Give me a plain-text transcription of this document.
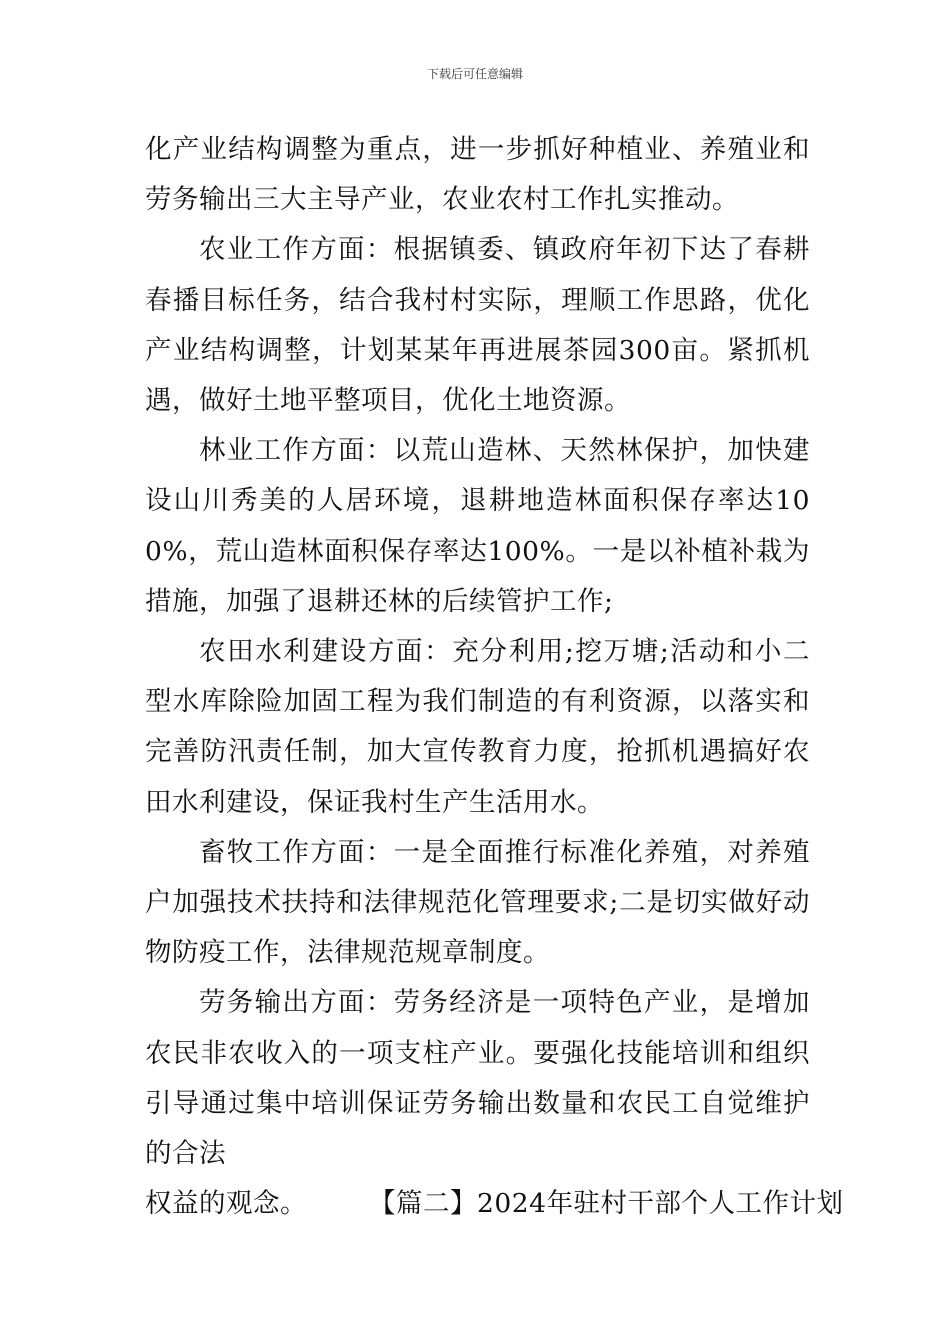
下载后可任意编辑

化产业结构调整为重点，进一步抓好种植业、养殖业和劳务输出三大主导产业，农业农村工作扎实推动。

农业工作方面：根据镇委、镇政府年初下达了春耕春播目标任务，结合我村村实际，理顺工作思路，优化产业结构调整，计划某某年再进展茶园300亩。紧抓机遇，做好土地平整项目，优化土地资源。

林业工作方面：以荒山造林、天然林保护，加快建设山川秀美的人居环境，退耕地造林面积保存率达100%，荒山造林面积保存率达100%。一是以补植补栽为措施，加强了退耕还林的后续管护工作;

农田水利建设方面：充分利用;挖万塘;活动和小二型水库除险加固工程为我们制造的有利资源，以落实和完善防汛责任制，加大宣传教育力度，抢抓机遇搞好农田水利建设，保证我村生产生活用水。

畜牧工作方面：一是全面推行标准化养殖，对养殖户加强技术扶持和法律规范化管理要求;二是切实做好动物防疫工作，法律规范规章制度。

劳务输出方面：劳务经济是一项特色产业，是增加农民非农收入的一项支柱产业。要强化技能培训和组织引导通过集中培训保证劳务输出数量和农民工自觉维护的合法

权益的观念。 【篇二】2024年驻村干部个人工作计划
